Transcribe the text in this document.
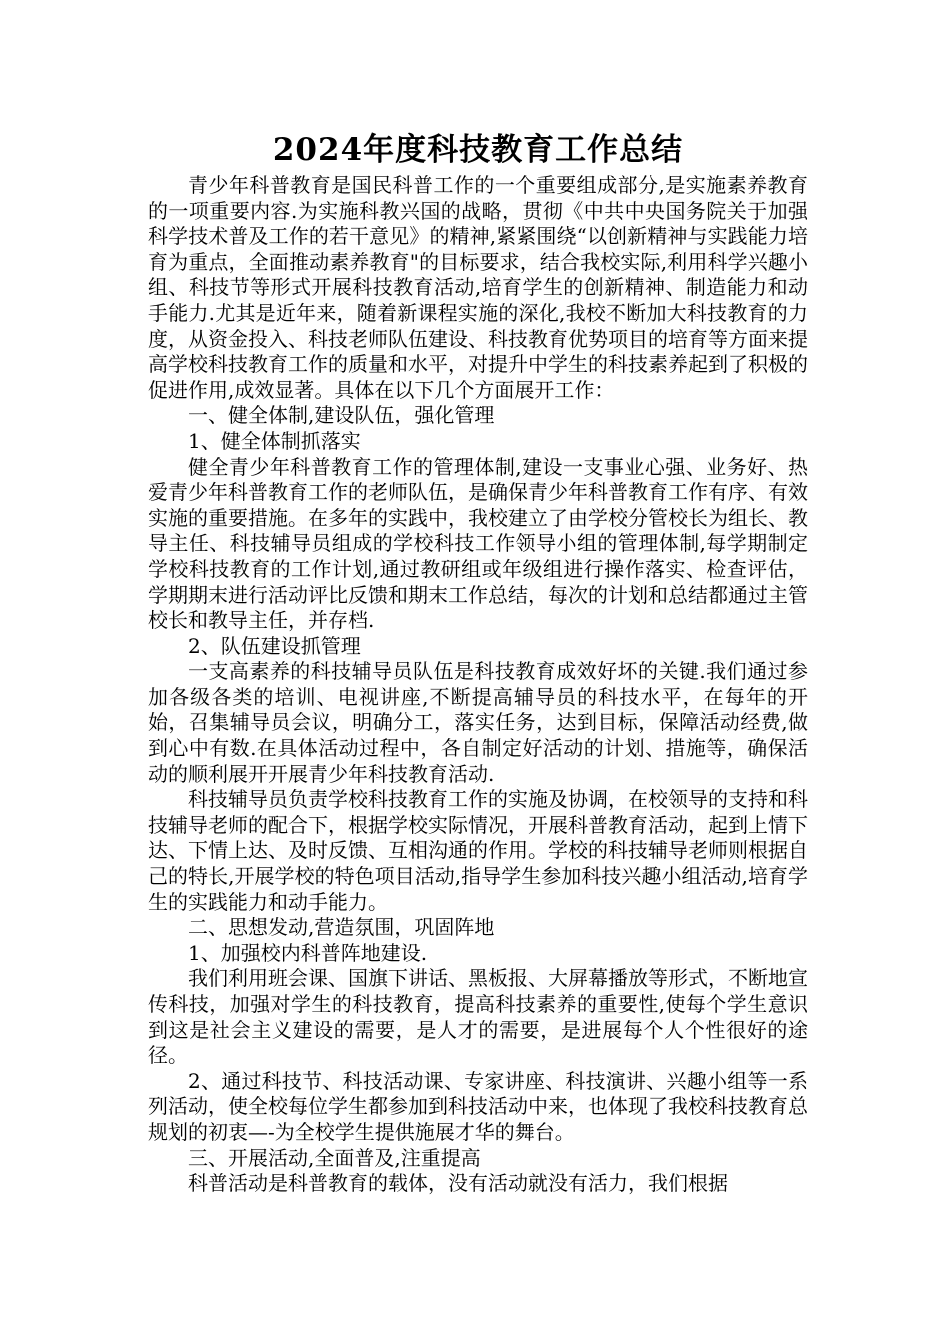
2024年度科技教育工作总结

青少年科普教育是国民科普工作的一个重要组成部分,是实施素养教育的一项重要内容.为实施科教兴国的战略，贯彻《中共中央国务院关于加强科学技术普及工作的若干意见》的精神,紧紧围绕“以创新精神与实践能力培育为重点，全面推动素养教育"的目标要求，结合我校实际,利用科学兴趣小组、科技节等形式开展科技教育活动,培育学生的创新精神、制造能力和动手能力.尤其是近年来，随着新课程实施的深化,我校不断加大科技教育的力度，从资金投入、科技老师队伍建设、科技教育优势项目的培育等方面来提高学校科技教育工作的质量和水平，对提升中学生的科技素养起到了积极的促进作用,成效显著。具体在以下几个方面展开工作：

一、健全体制,建设队伍，强化管理

1、健全体制抓落实

健全青少年科普教育工作的管理体制,建设一支事业心强、业务好、热爱青少年科普教育工作的老师队伍，是确保青少年科普教育工作有序、有效实施的重要措施。在多年的实践中，我校建立了由学校分管校长为组长、教导主任、科技辅导员组成的学校科技工作领导小组的管理体制,每学期制定学校科技教育的工作计划,通过教研组或年级组进行操作落实、检查评估，学期期末进行活动评比反馈和期末工作总结，每次的计划和总结都通过主管校长和教导主任，并存档.

2、队伍建设抓管理

一支高素养的科技辅导员队伍是科技教育成效好坏的关键.我们通过参加各级各类的培训、电视讲座,不断提高辅导员的科技水平，在每年的开始，召集辅导员会议，明确分工，落实任务，达到目标，保障活动经费,做到心中有数.在具体活动过程中，各自制定好活动的计划、措施等，确保活动的顺利展开开展青少年科技教育活动.

科技辅导员负责学校科技教育工作的实施及协调，在校领导的支持和科技辅导老师的配合下，根据学校实际情况，开展科普教育活动，起到上情下达、下情上达、及时反馈、互相沟通的作用。学校的科技辅导老师则根据自己的特长,开展学校的特色项目活动,指导学生参加科技兴趣小组活动,培育学生的实践能力和动手能力。

二、思想发动,营造氛围，巩固阵地

1、加强校内科普阵地建设.

我们利用班会课、国旗下讲话、黑板报、大屏幕播放等形式，不断地宣传科技，加强对学生的科技教育，提高科技素养的重要性,使每个学生意识到这是社会主义建设的需要，是人才的需要，是进展每个人个性很好的途径。

2、通过科技节、科技活动课、专家讲座、科技演讲、兴趣小组等一系列活动，使全校每位学生都参加到科技活动中来，也体现了我校科技教育总规划的初衷—-为全校学生提供施展才华的舞台。

三、开展活动,全面普及,注重提高

科普活动是科普教育的载体，没有活动就没有活力，我们根据
